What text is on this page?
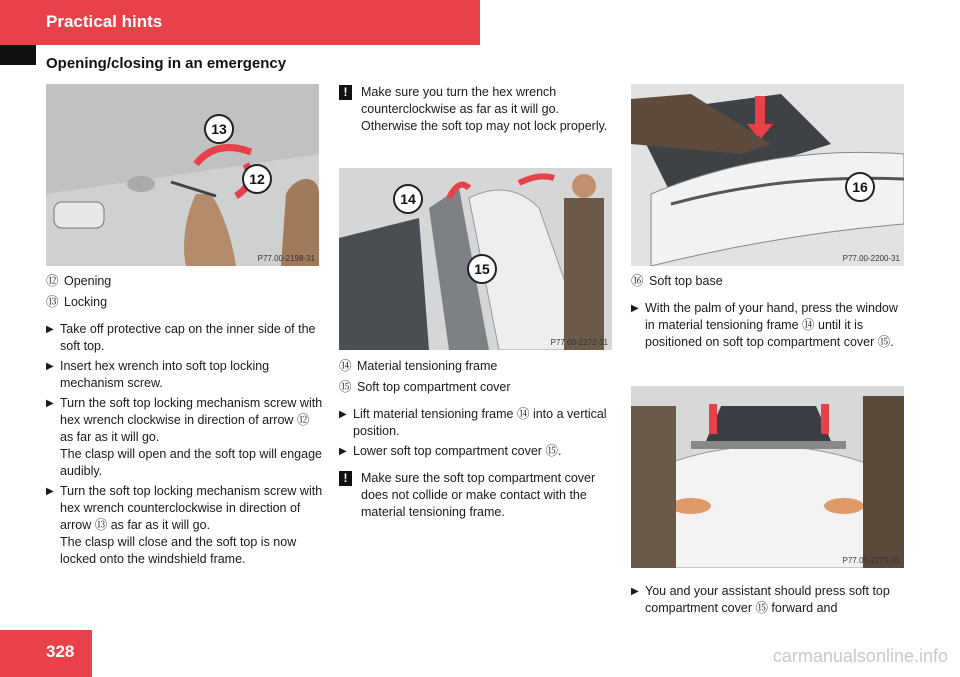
Practical hints
Opening/closing in an emergency
13
12
P77.00-2198-31
14
15
P77.00-2272-31
16
P77.00-2200-31
P77.00-2273-31
⑫ Opening
⑬ Locking
▶ Take off protective cap on the inner side of the soft top.
▶ Insert hex wrench into soft top locking mechanism screw.
▶ Turn the soft top locking mechanism screw with hex wrench clockwise in direction of arrow ⑫ as far as it will go.
The clasp will open and the soft top will engage audibly.
▶ Turn the soft top locking mechanism screw with hex wrench counterclockwise in direction of arrow ⑬ as far as it will go.
The clasp will close and the soft top is now locked onto the windshield frame.
!	Make sure you turn the hex wrench counterclockwise as far as it will go. Otherwise the soft top may not lock properly.
⑭ Material tensioning frame
⑮ Soft top compartment cover
▶ Lift material tensioning frame ⑭ into a vertical position.
▶ Lower soft top compartment cover ⑮.
!	Make sure the soft top compartment cover does not collide or make contact with the material tensioning frame.
⑯ Soft top base
▶ With the palm of your hand, press the window in material tensioning frame ⑭ until it is positioned on soft top compartment cover ⑮.
▶ You and your assistant should press soft top compartment cover ⑮ forward and
328	carmanualsonline.info
